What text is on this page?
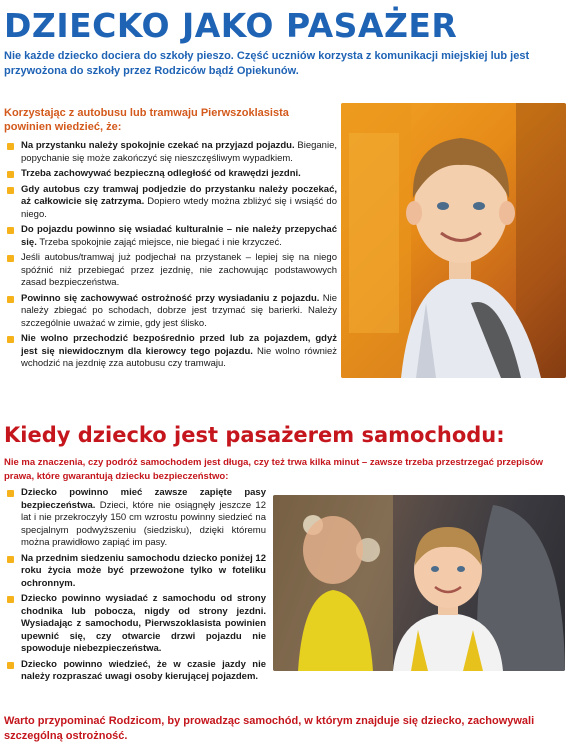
DZIECKO JAKO PASAŻER

Nie każde dziecko dociera do szkoły pieszo. Część uczniów korzysta z komunikacji miejskiej lub jest przywożona do szkoły przez Rodziców bądź Opiekunów.

Korzystając z autobusu lub tramwaju Pierwszoklasista powinien wiedzieć, że:

Na przystanku należy spokojnie czekać na przyjazd pojazdu. Bieganie, popychanie się może zakończyć się nieszczęśliwym wypadkiem.
Trzeba zachowywać bezpieczną odległość od krawędzi jezdni.
Gdy autobus czy tramwaj podjedzie do przystanku należy poczekać, aż całkowicie się zatrzyma. Dopiero wtedy można zbliżyć się i wsiąść do niego.
Do pojazdu powinno się wsiadać kulturalnie – nie należy przepychać się. Trzeba spokojnie zająć miejsce, nie biegać i nie krzyczeć.
Jeśli autobus/tramwaj już podjechał na przystanek – lepiej się na niego spóźnić niż przebiegać przez jezdnię, nie zachowując podstawowych zasad bezpieczeństwa.
Powinno się zachowywać ostrożność przy wysiadaniu z pojazdu. Nie należy zbiegać po schodach, dobrze jest trzymać się barierki. Należy szczególnie uważać w zimie, gdy jest ślisko.
Nie wolno przechodzić bezpośrednio przed lub za pojazdem, gdyż jest się niewidocznym dla kierowcy tego pojazdu. Nie wolno również wchodzić na jezdnię zza autobusu czy tramwaju.
Kiedy dziecko jest pasażerem samochodu:

Nie ma znaczenia, czy podróż samochodem jest długa, czy też trwa kilka minut – zawsze trzeba przestrzegać przepisów prawa, które gwarantują dziecku bezpieczeństwo:

Dziecko powinno mieć zawsze zapięte pasy bezpieczeństwa. Dzieci, które nie osiągnęły jeszcze 12 lat i nie przekroczyły 150 cm wzrostu powinny siedzieć na specjalnym podwyższeniu (siedzisku), dzięki któremu można prawidłowo zapiąć im pasy.
Na przednim siedzeniu samochodu dziecko poniżej 12 roku życia może być przewożone tylko w foteliku ochronnym.
Dziecko powinno wysiadać z samochodu od strony chodnika lub pobocza, nigdy od strony jezdni. Wysiadając z samochodu, Pierwszoklasista powinien upewnić się, czy otwarcie drzwi pojazdu nie spowoduje niebezpieczeństwa.
Dziecko powinno wiedzieć, że w czasie jazdy nie należy rozpraszać uwagi osoby kierującej pojazdem.

Warto przypominać Rodzicom, by prowadząc samochód, w którym znajduje się dziecko, zachowywali szczególną ostrożność.
